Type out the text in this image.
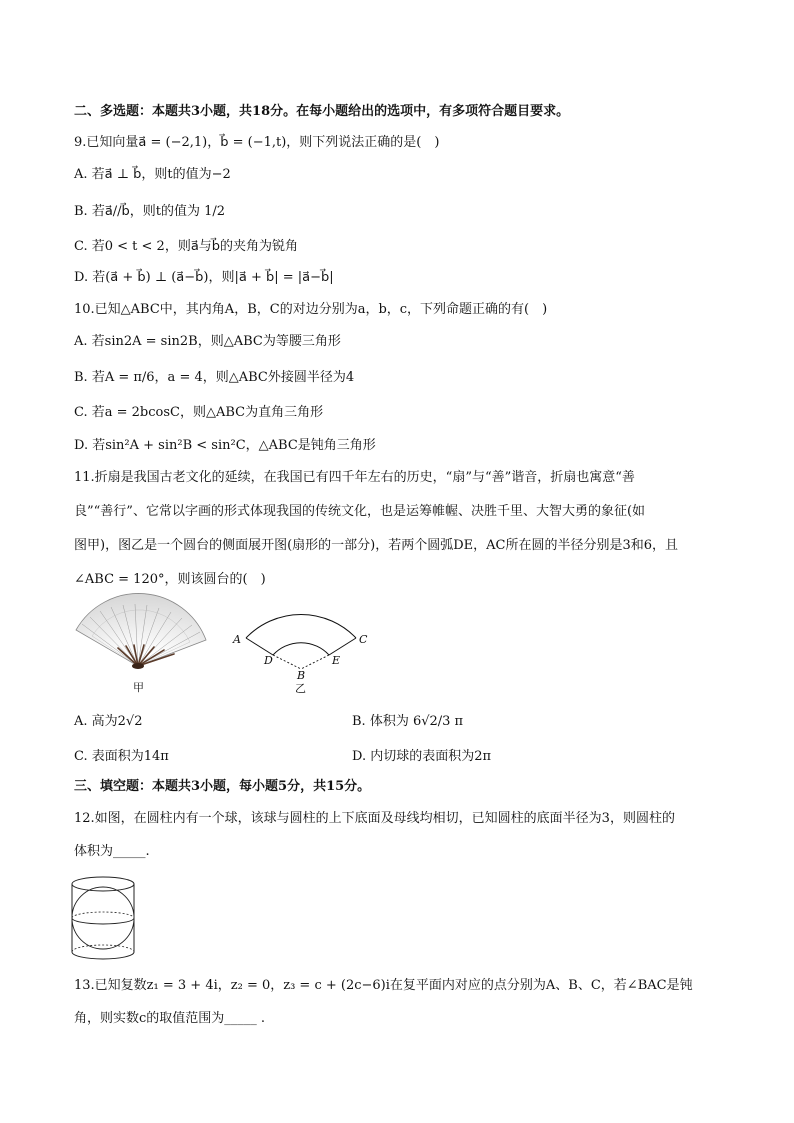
二、多选题：本题共3小题，共18分。在每小题给出的选项中，有多项符合题目要求。
9.已知向量a⃗ = (−2,1)，b⃗ = (−1,t)，则下列说法正确的是(　)
A. 若a⃗ ⊥ b⃗，则t的值为−2
B. 若a⃗//b⃗，则t的值为 1/2
C. 若0 < t < 2，则a⃗与b⃗的夹角为锐角
D. 若(a⃗ + b⃗) ⊥ (a⃗−b⃗)，则|a⃗ + b⃗| = |a⃗−b⃗|
10.已知△ABC中，其内角A，B，C的对边分别为a，b，c，下列命题正确的有(　)
A. 若sin2A = sin2B，则△ABC为等腰三角形
B. 若A = π/6，a = 4，则△ABC外接圆半径为4
C. 若a = 2bcosC，则△ABC为直角三角形
D. 若sin²A + sin²B < sin²C，△ABC是钝角三角形
11.折扇是我国古老文化的延续，在我国已有四千年左右的历史，“扇”与“善”谐音，折扇也寓意“善
良”“善行”、它常以字画的形式体现我国的传统文化，也是运筹帷幄、决胜千里、大智大勇的象征(如
图甲)，图乙是一个圆台的侧面展开图(扇形的一部分)，若两个圆弧DE，AC所在圆的半径分别是3和6，且
∠ABC = 120°，则该圆台的(　)
甲
A	C
D	E
B
乙
A. 高为2√2	B. 体积为 6√2/3 π
C. 表面积为14π	D. 内切球的表面积为2π
三、填空题：本题共3小题，每小题5分，共15分。
12.如图，在圆柱内有一个球，该球与圆柱的上下底面及母线均相切，已知圆柱的底面半径为3，则圆柱的
体积为_____.
13.已知复数z₁ = 3 + 4i，z₂ = 0，z₃ = c + (2c−6)i在复平面内对应的点分别为A、B、C，若∠BAC是钝
角，则实数c的取值范围为_____ .
